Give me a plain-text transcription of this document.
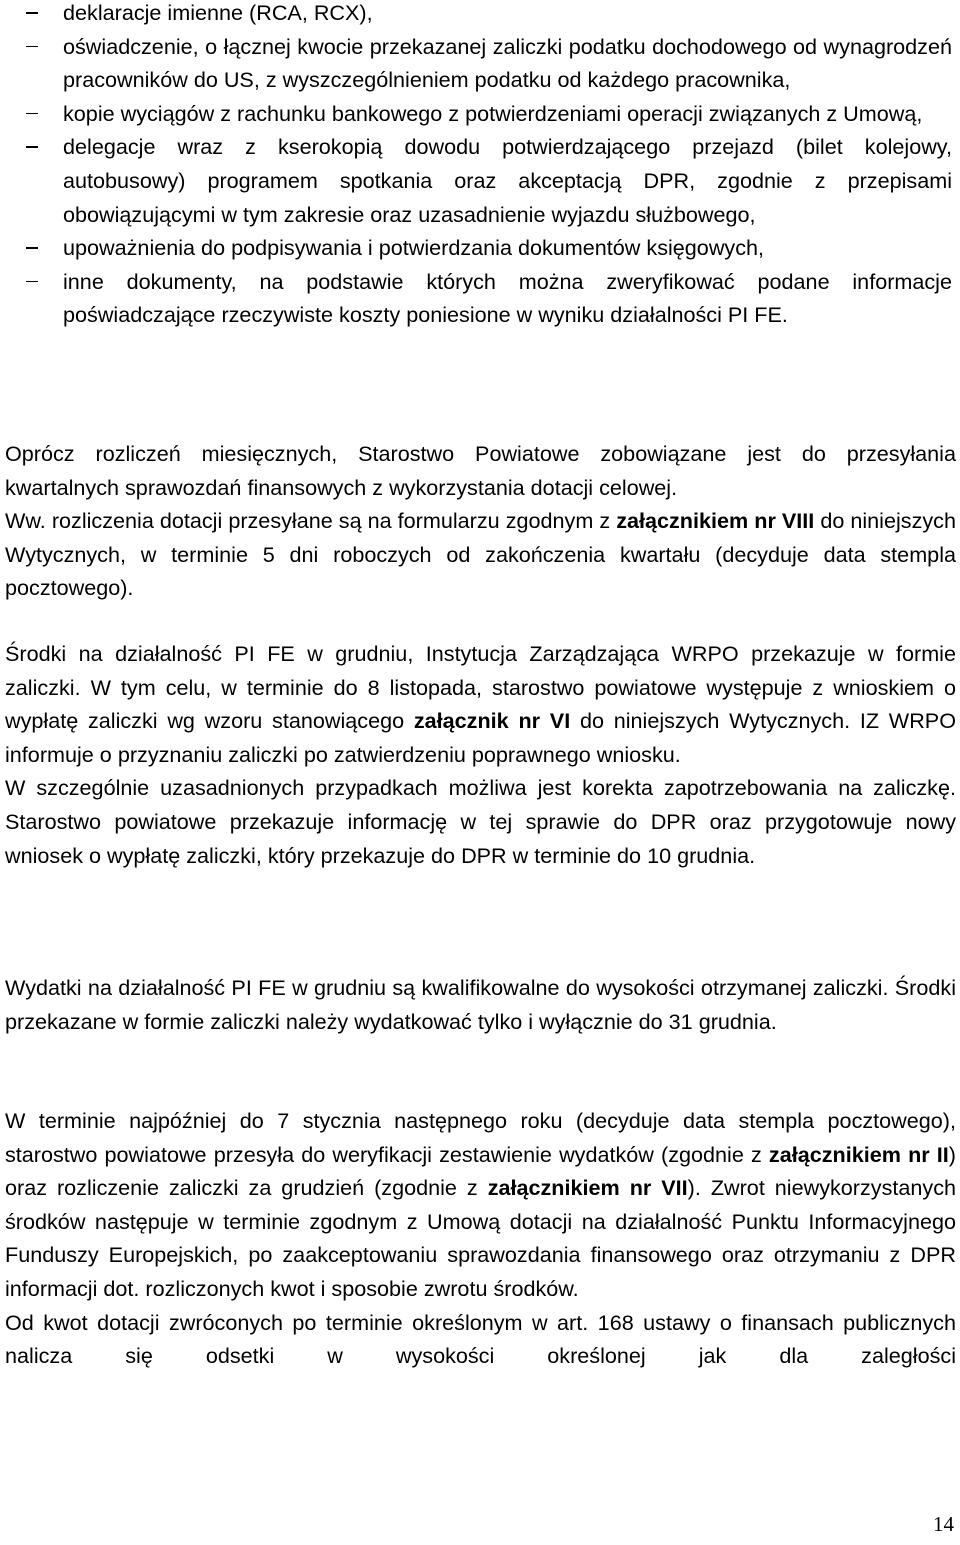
deklaracje imienne (RCA, RCX),
oświadczenie, o łącznej kwocie przekazanej zaliczki podatku dochodowego od wynagrodzeń pracowników do US, z wyszczególnieniem podatku od każdego pracownika,
kopie wyciągów z rachunku bankowego z potwierdzeniami operacji związanych z Umową,
delegacje wraz z kserokopią dowodu potwierdzającego przejazd (bilet kolejowy, autobusowy) programem spotkania oraz akceptacją DPR, zgodnie z przepisami obowiązującymi w tym zakresie oraz uzasadnienie wyjazdu służbowego,
upoważnienia do podpisywania i potwierdzania dokumentów księgowych,
inne dokumenty, na podstawie których można zweryfikować podane informacje poświadczające rzeczywiste koszty poniesione w wyniku działalności PI FE.

Oprócz rozliczeń miesięcznych, Starostwo Powiatowe zobowiązane jest do przesyłania kwartalnych sprawozdań finansowych z wykorzystania dotacji celowej.

Ww. rozliczenia dotacji przesyłane są na formularzu zgodnym z załącznikiem nr VIII do niniejszych Wytycznych, w terminie 5 dni roboczych od zakończenia kwartału (decyduje data stempla pocztowego).

Środki na działalność PI FE w grudniu, Instytucja Zarządzająca WRPO przekazuje w formie zaliczki. W tym celu, w terminie do 8 listopada, starostwo powiatowe występuje z wnioskiem o wypłatę zaliczki wg wzoru stanowiącego załącznik nr VI do niniejszych Wytycznych. IZ WRPO informuje o przyznaniu zaliczki po zatwierdzeniu poprawnego wniosku.

W szczególnie uzasadnionych przypadkach możliwa jest korekta zapotrzebowania na zaliczkę. Starostwo powiatowe przekazuje informację w tej sprawie do DPR oraz przygotowuje nowy wniosek o wypłatę zaliczki, który przekazuje do DPR w terminie do 10 grudnia.

Wydatki na działalność PI FE w grudniu są kwalifikowalne do wysokości otrzymanej zaliczki. Środki przekazane w formie zaliczki należy wydatkować tylko i wyłącznie do 31 grudnia.

W terminie najpóźniej do 7 stycznia następnego roku (decyduje data stempla pocztowego), starostwo powiatowe przesyła do weryfikacji zestawienie wydatków (zgodnie z załącznikiem nr II) oraz rozliczenie zaliczki za grudzień (zgodnie z załącznikiem nr VII). Zwrot niewykorzystanych środków następuje w terminie zgodnym z Umową dotacji na działalność Punktu Informacyjnego Funduszy Europejskich, po zaakceptowaniu sprawozdania finansowego oraz otrzymaniu z DPR informacji dot. rozliczonych kwot i sposobie zwrotu środków.

Od kwot dotacji zwróconych po terminie określonym w art. 168 ustawy o finansach publicznych nalicza się odsetki w wysokości określonej jak dla zaległości

14
